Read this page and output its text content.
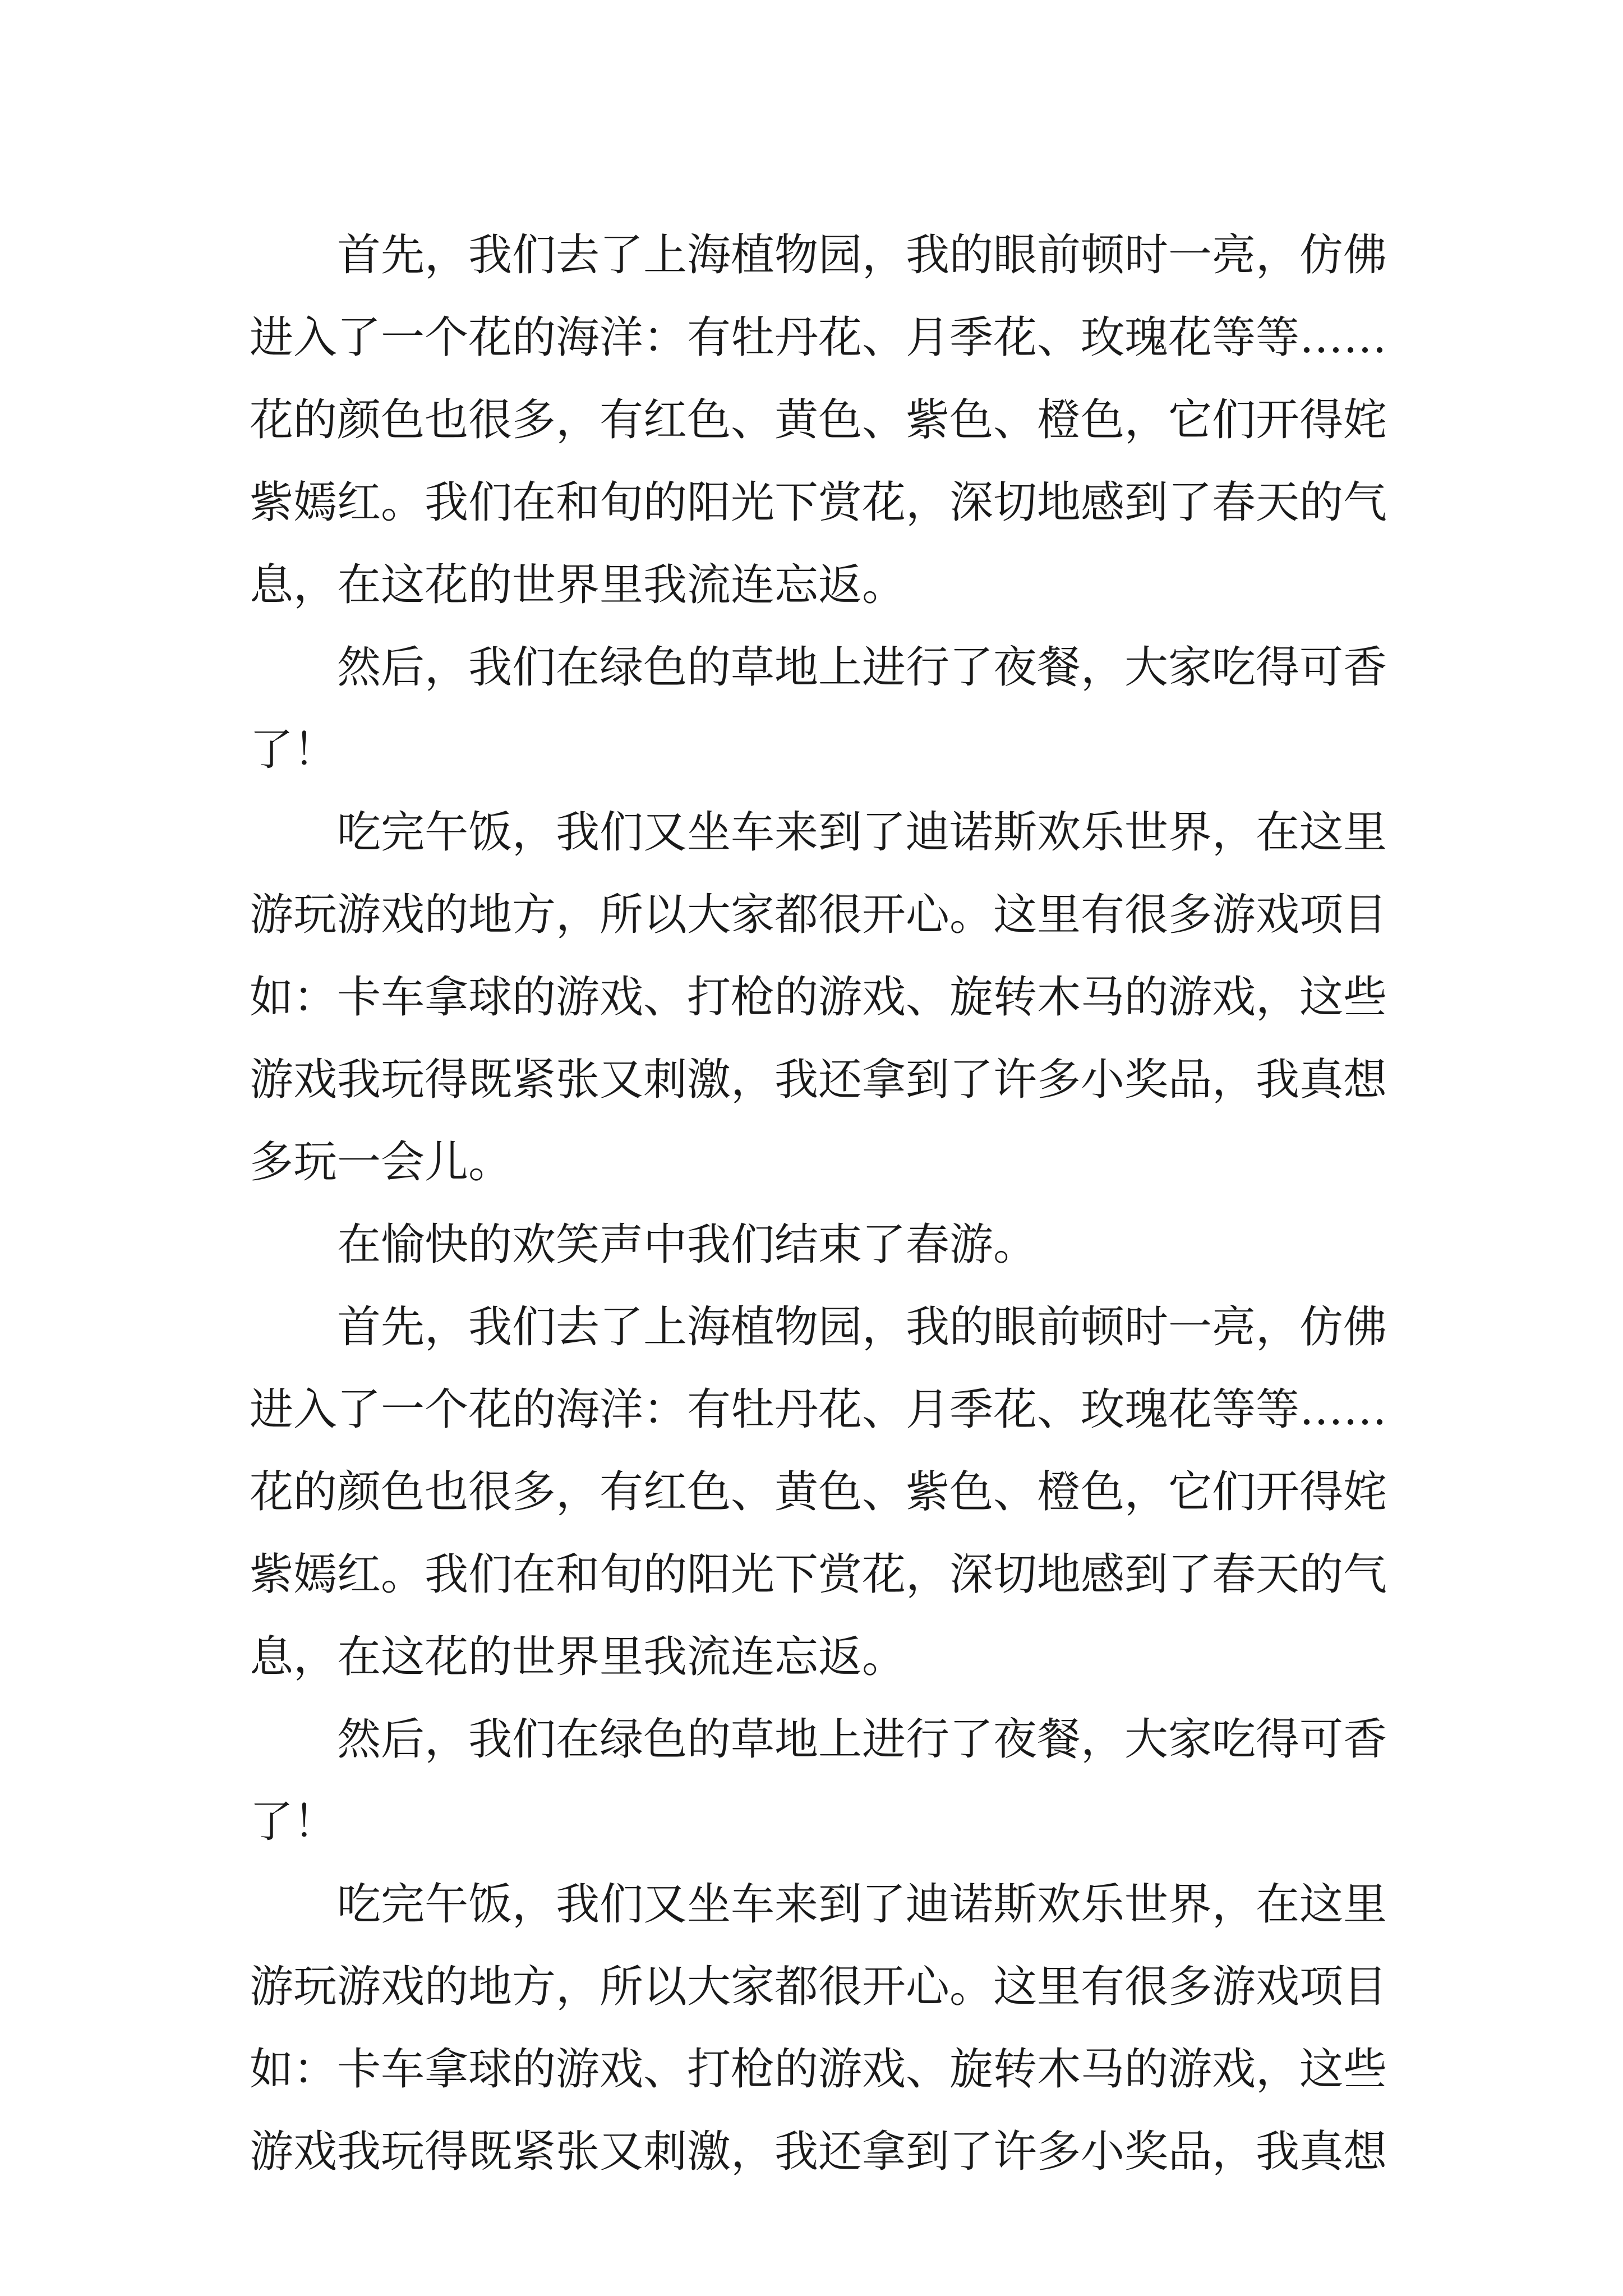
首先，我们去了上海植物园，我的眼前顿时一亮，仿佛
进入了一个花的海洋：有牡丹花、月季花、玫瑰花等等……
花的颜色也很多，有红色、黄色、紫色、橙色，它们开得姹
紫嫣红。我们在和旬的阳光下赏花，深切地感到了春天的气
息，在这花的世界里我流连忘返。
然后，我们在绿色的草地上进行了夜餐，大家吃得可香
了！
吃完午饭，我们又坐车来到了迪诺斯欢乐世界，在这里
游玩游戏的地方，所以大家都很开心。这里有很多游戏项目
如：卡车拿球的游戏、打枪的游戏、旋转木马的游戏，这些
游戏我玩得既紧张又刺激，我还拿到了许多小奖品，我真想
多玩一会儿。
在愉快的欢笑声中我们结束了春游。
首先，我们去了上海植物园，我的眼前顿时一亮，仿佛
进入了一个花的海洋：有牡丹花、月季花、玫瑰花等等……
花的颜色也很多，有红色、黄色、紫色、橙色，它们开得姹
紫嫣红。我们在和旬的阳光下赏花，深切地感到了春天的气
息，在这花的世界里我流连忘返。
然后，我们在绿色的草地上进行了夜餐，大家吃得可香
了！
吃完午饭，我们又坐车来到了迪诺斯欢乐世界，在这里
游玩游戏的地方，所以大家都很开心。这里有很多游戏项目
如：卡车拿球的游戏、打枪的游戏、旋转木马的游戏，这些
游戏我玩得既紧张又刺激，我还拿到了许多小奖品，我真想
